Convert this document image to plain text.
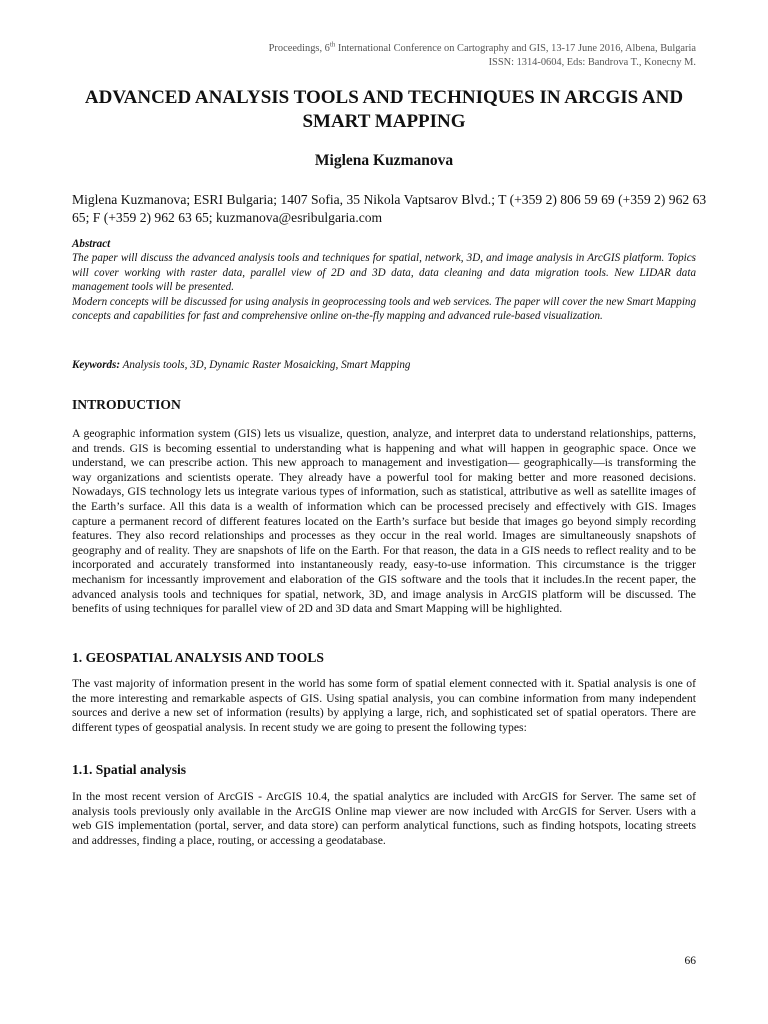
Proceedings, 6th International Conference on Cartography and GIS, 13-17 June 2016, Albena, Bulgaria
ISSN: 1314-0604, Eds: Bandrova T., Konecny M.
ADVANCED ANALYSIS TOOLS AND TECHNIQUES IN ARCGIS AND SMART MAPPING
Miglena Kuzmanova
Miglena Kuzmanova; ESRI Bulgaria; 1407 Sofia, 35 Nikola Vaptsarov Blvd.; T (+359 2) 806 59 69 (+359 2) 962 63 65; F (+359 2) 962 63 65; kuzmanova@esribulgaria.com
Abstract

The paper will discuss the advanced analysis tools and techniques for spatial, network, 3D, and image analysis in ArcGIS platform. Topics will cover working with raster data, parallel view of 2D and 3D data, data cleaning and data migration tools. New LIDAR data management tools will be presented.

Modern concepts will be discussed for using analysis in geoprocessing tools and web services. The paper will cover the new Smart Mapping concepts and capabilities for fast and comprehensive online on-the-fly mapping and advanced rule-based visualization.

Keywords: Analysis tools, 3D, Dynamic Raster Mosaicking, Smart Mapping
INTRODUCTION

A geographic information system (GIS) lets us visualize, question, analyze, and interpret data to understand relationships, patterns, and trends. GIS is becoming essential to understanding what is happening and what will happen in geographic space. Once we understand, we can prescribe action. This new approach to management and investigation— geographically—is transforming the way organizations and scientists operate. They already have a powerful tool for making better and more reasoned decisions. Nowadays, GIS technology lets us integrate various types of information, such as statistical, attributive as well as satellite images of the Earth’s surface. All this data is a wealth of information which can be processed precisely and effectively with GIS. Images capture a permanent record of different features located on the Earth’s surface but beside that images go beyond simply recording features. They also record relationships and processes as they occur in the real world. Images are simultaneously snapshots of geography and of reality. They are snapshots of life on the Earth. For that reason, the data in a GIS needs to reflect reality and to be incorporated and accurately transformed into instantaneously ready, easy-to-use information. This circumstance is the trigger mechanism for incessantly improvement and elaboration of the GIS software and the tools that it includes.In the recent paper, the advanced analysis tools and techniques for spatial, network, 3D, and image analysis in ArcGIS platform will be discussed. The benefits of using techniques for parallel view of 2D and 3D data and Smart Mapping will be highlighted.

1. GEOSPATIAL ANALYSIS AND TOOLS

The vast majority of information present in the world has some form of spatial element connected with it. Spatial analysis is one of the more interesting and remarkable aspects of GIS. Using spatial analysis, you can combine information from many independent sources and derive a new set of information (results) by applying a large, rich, and sophisticated set of spatial operators. There are different types of geospatial analysis. In recent study we are going to present the following types:

1.1. Spatial analysis

In the most recent version of ArcGIS - ArcGIS 10.4, the spatial analytics are included with ArcGIS for Server. The same set of analysis tools previously only available in the ArcGIS Online map viewer are now included with ArcGIS for Server. Users with a web GIS implementation (portal, server, and data store) can perform analytical functions, such as finding hotspots, locating streets and addresses, finding a place, routing, or accessing a geodatabase.

66
